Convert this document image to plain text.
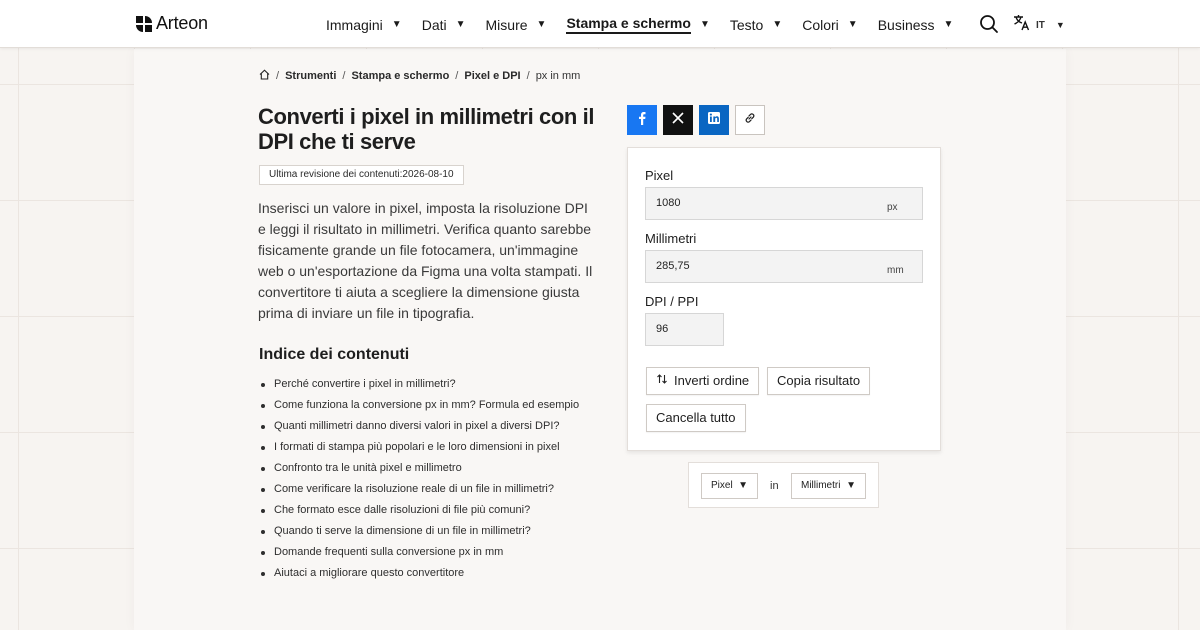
Arteon	Immagini ▼ Dati ▼ Misure ▼ Stampa e schermo ▼ Testo ▼ Colori ▼ Business ▼	IT ▼
/ Strumenti / Stampa e schermo / Pixel e DPI / px in mm
Converti i pixel in millimetri con il DPI che ti serve
Ultima revisione dei contenuti:2026-08-10

Inserisci un valore in pixel, imposta la risoluzione DPI e leggi il risultato in millimetri. Verifica quanto sarebbe fisicamente grande un file fotocamera, un'immagine web o un'esportazione da Figma una volta stampati. Il convertitore ti aiuta a scegliere la dimensione giusta prima di inviare un file in tipografia.

Indice dei contenuti
Perché convertire i pixel in millimetri?
Come funziona la conversione px in mm? Formula ed esempio
Quanti millimetri danno diversi valori in pixel a diversi DPI?
I formati di stampa più popolari e le loro dimensioni in pixel
Confronto tra le unità pixel e millimetro
Come verificare la risoluzione reale di un file in millimetri?
Che formato esce dalle risoluzioni di file più comuni?
Quando ti serve la dimensione di un file in millimetri?
Domande frequenti sulla conversione px in mm
Aiutaci a migliorare questo convertitore
Pixel
1080	px
Millimetri
285,75	mm
DPI / PPI
96
Inverti ordine	Copia risultato
Cancella tutto
Pixel ▼ in	Millimetri ▼
